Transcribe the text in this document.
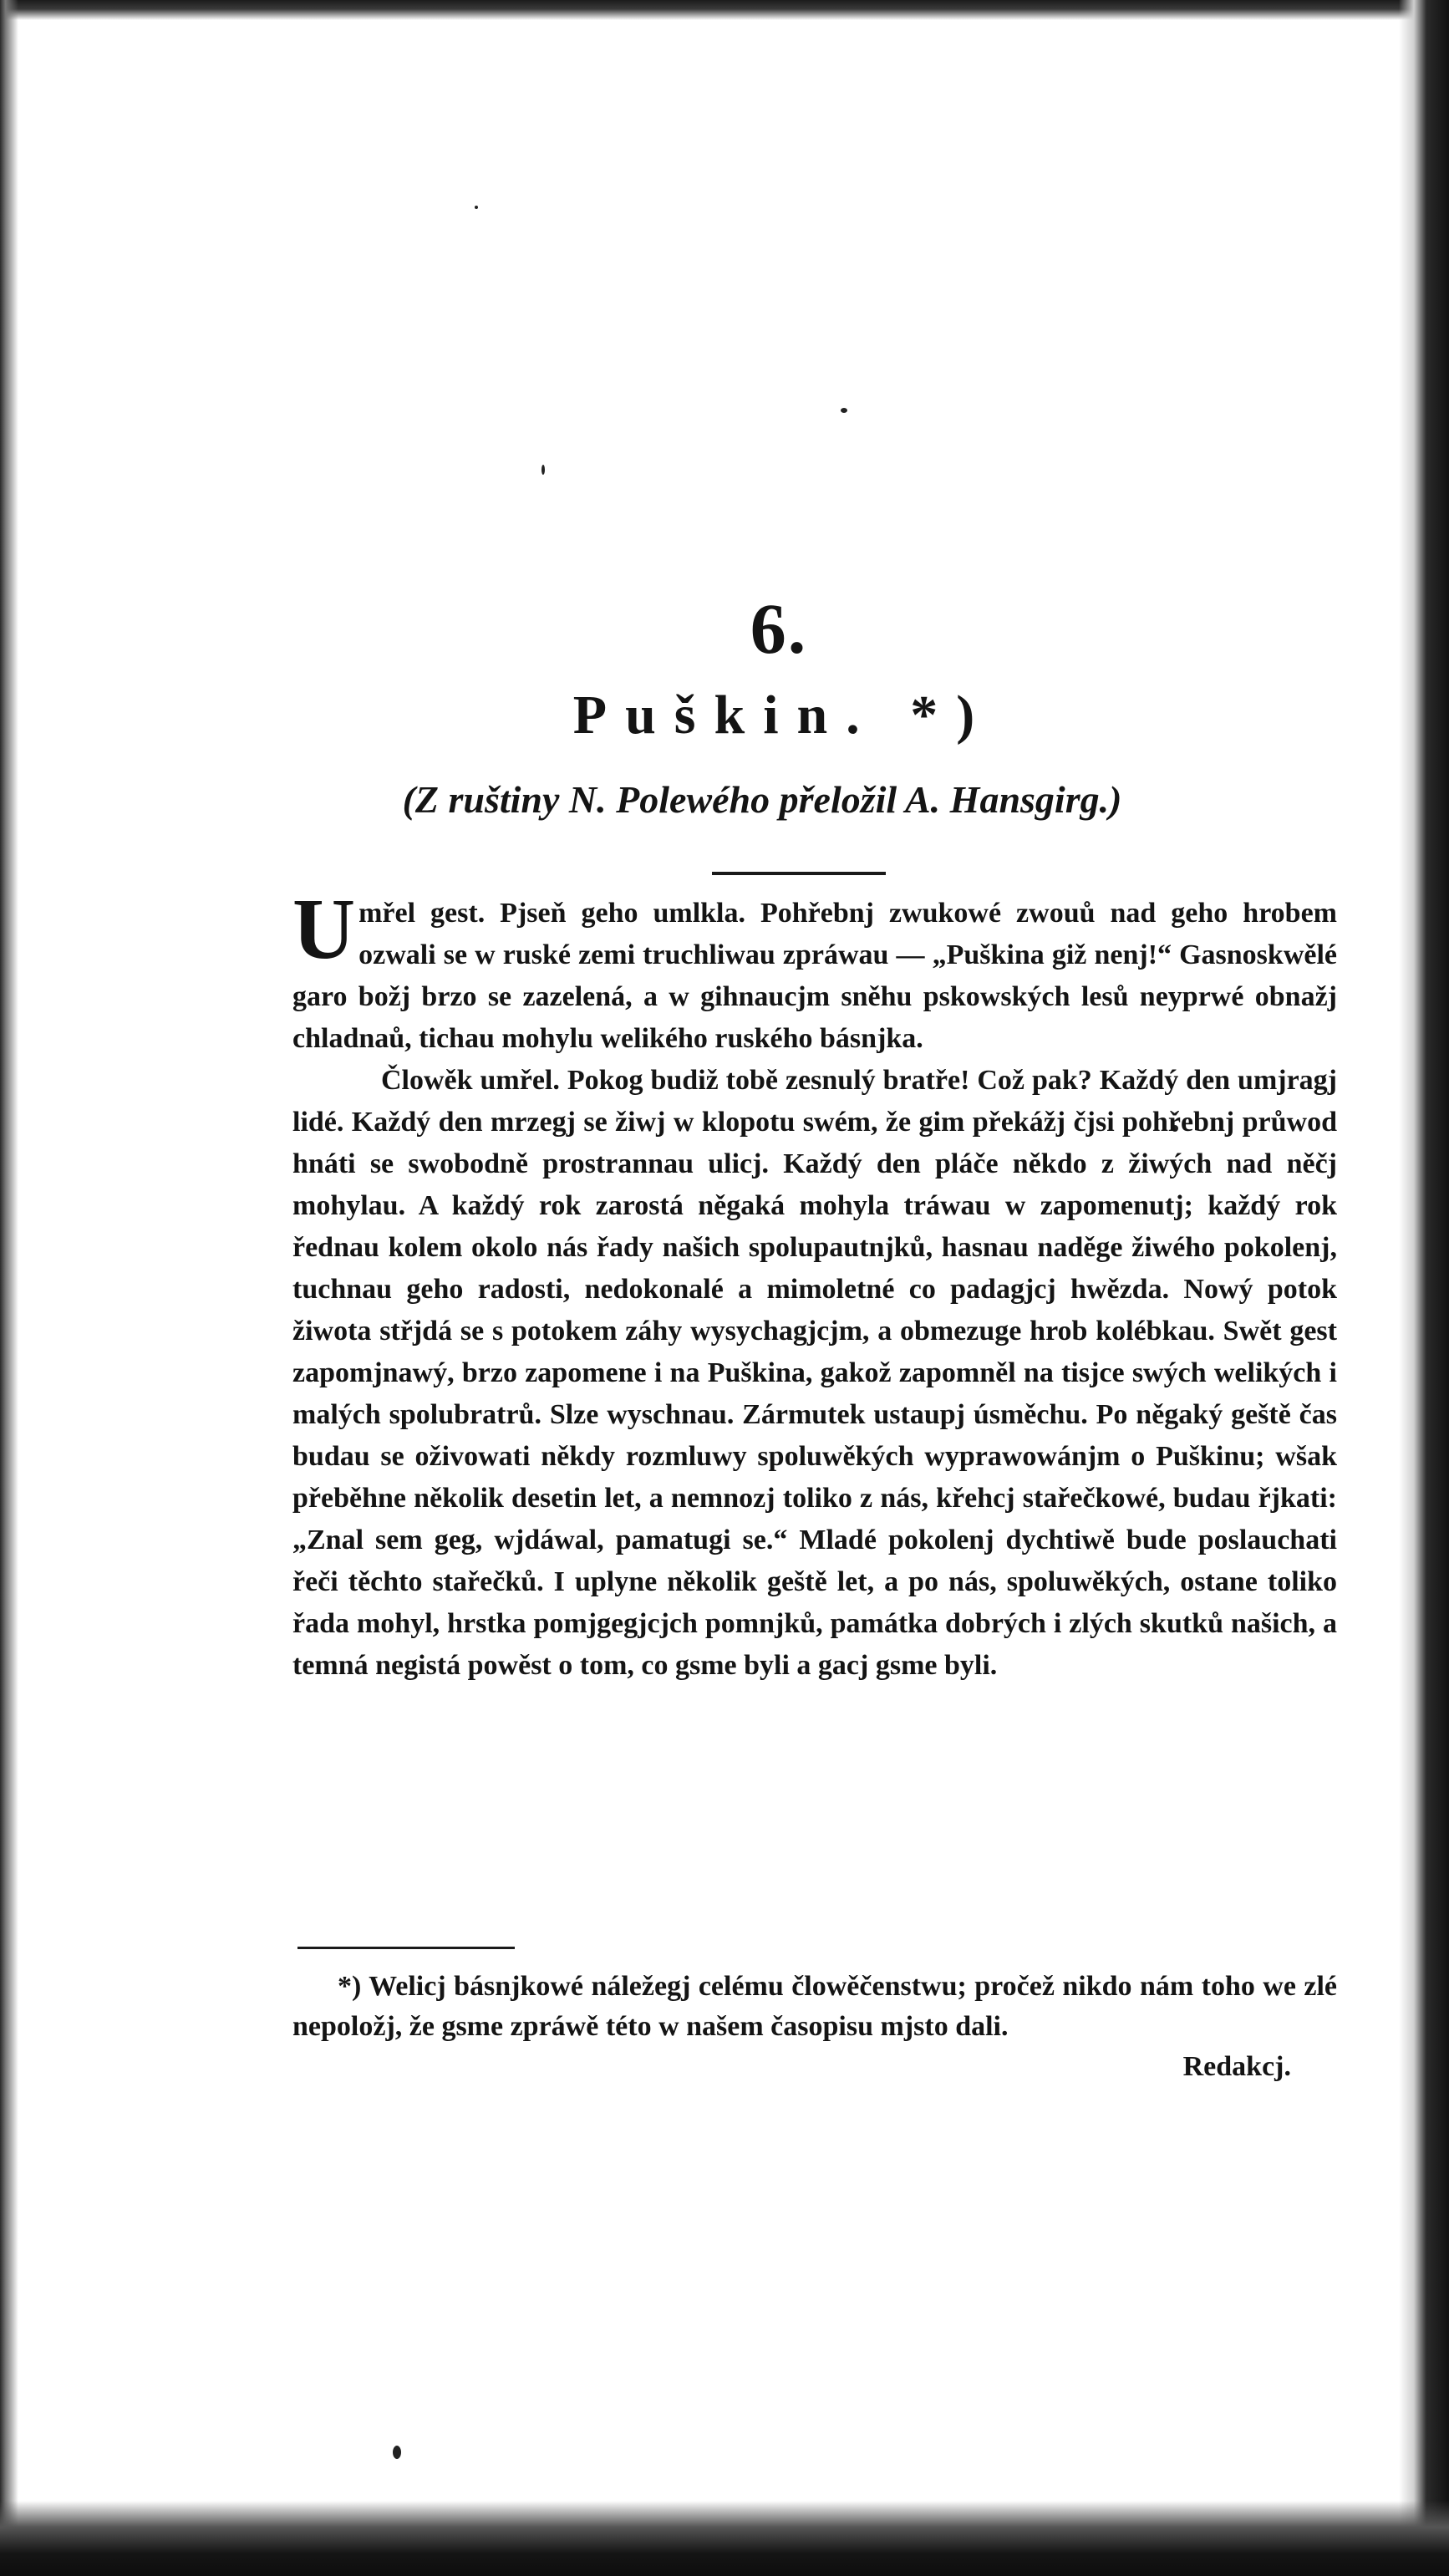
6.
Puškin. *)
(Z ruštiny N. Polewého přeložil A. Hansgirg.)

Umřel gest. Pjseň geho umlkla. Pohřebnj zwukowé zwouů nad geho hrobem ozwali se w ruské zemi truchliwau zpráwau — „Puškina giž nenj!“ Gasnoskwělé garo božj brzo se zazelená, a w gihnaucjm sněhu pskowských lesů neyprwé obnažj chladnaů, tichau mohylu welikého ruského básnjka.

Člowěk umřel. Pokog budiž tobě zesnulý bratře! Což pak? Každý den umjragj lidé. Každý den mrzegj se žiwj w klopotu swém, že gim překážj čjsi pohřebnj průwod hnáti se swobodně prostrannau ulicj. Každý den pláče někdo z žiwých nad něčj mohylau. A každý rok zarostá něgaká mohyla tráwau w zapomenutj; každý rok řednau kolem okolo nás řady našich spolupautnjků, hasnau naděge žiwého pokolenj, tuchnau geho radosti, nedokonalé a mimoletné co padagjcj hwězda. Nowý potok žiwota střjdá se s potokem záhy wysychagjcjm, a obmezuge hrob kolébkau. Swět gest zapomjnawý, brzo zapomene i na Puškina, gakož zapomněl na tisjce swých welikých i malých spolubratrů. Slze wyschnau. Zármutek ustaupj úsměchu. Po něgaký geště čas budau se oživowati někdy rozmluwy spoluwěkých wyprawowánjm o Puškinu; wšak přeběhne několik desetin let, a nemnozj toliko z nás, křehcj stařečkowé, budau řjkati: „Znal sem geg, wjdáwal, pamatugi se.“ Mladé pokolenj dychtiwě bude poslauchati řeči těchto stařečků. I uplyne několik geště let, a po nás, spoluwěkých, ostane toliko řada mohyl, hrstka pomjgegjcjch pomnjků, památka dobrých i zlých skutků našich, a temná negistá powěst o tom, co gsme byli a gacj gsme byli.

*) Welicj básnjkowé náležegj celému člowěčenstwu; pročež nikdo nám toho we zlé nepoložj, že gsme zpráwě této w našem časopisu mjsto dali.
Redakcj.
